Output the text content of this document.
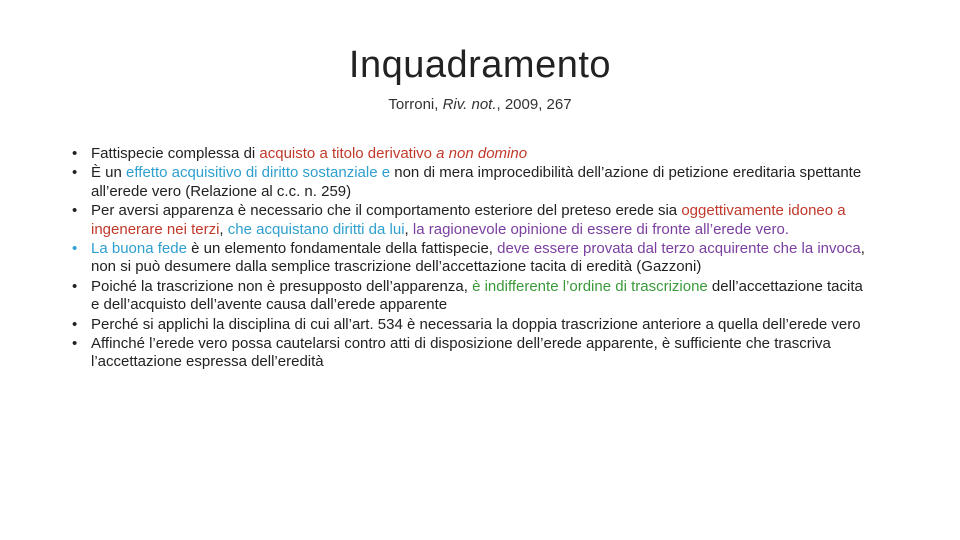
Inquadramento
Torroni, Riv. not., 2009, 267
• Fattispecie complessa di acquisto a titolo derivativo a non domino
• È un effetto acquisitivo di diritto sostanziale e non di mera improcedibilità dell’azione di petizione ereditaria spettante all’erede vero (Relazione al c.c. n. 259)
• Per aversi apparenza è necessario che il comportamento esteriore del preteso erede sia oggettivamente idoneo a ingenerare nei terzi, che acquistano diritti da lui, la ragionevole opinione di essere di fronte all’erede vero.
• La buona fede è un elemento fondamentale della fattispecie, deve essere provata dal terzo acquirente che la invoca, non si può desumere dalla semplice trascrizione dell’accettazione tacita di eredità (Gazzoni)
• Poiché la trascrizione non è presupposto dell’apparenza, è indifferente l’ordine di trascrizione dell’accettazione tacita e dell’acquisto dell’avente causa dall’erede apparente
• Perché si applichi la disciplina di cui all’art. 534 è necessaria la doppia trascrizione anteriore a quella dell’erede vero
• Affinché l’erede vero possa cautelarsi contro atti di disposizione dell’erede apparente, è sufficiente che trascriva l’accettazione espressa dell’eredità
